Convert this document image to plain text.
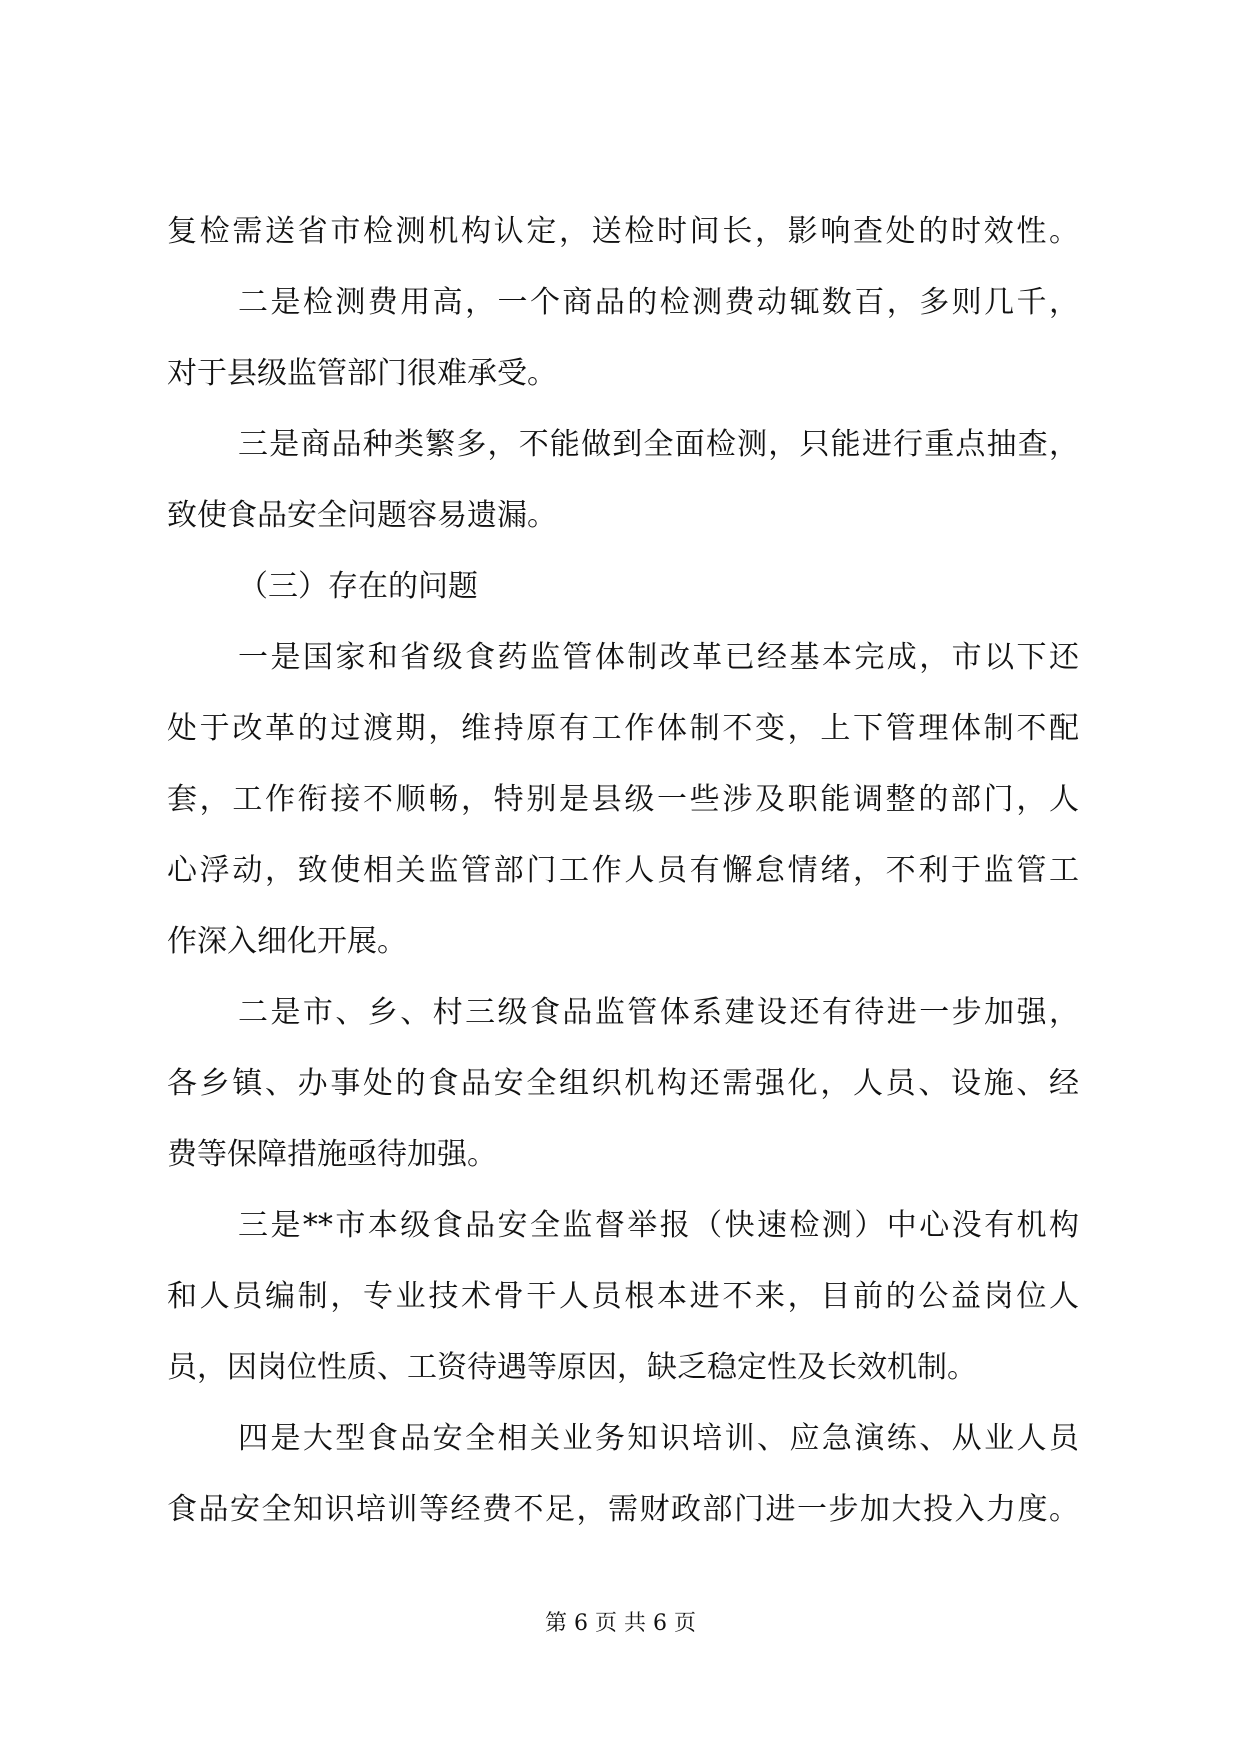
复检需送省市检测机构认定，送检时间长，影响查处的时效性。
二是检测费用高，一个商品的检测费动辄数百，多则几千，
对于县级监管部门很难承受。
三是商品种类繁多，不能做到全面检测，只能进行重点抽查，
致使食品安全问题容易遗漏。
（三）存在的问题
一是国家和省级食药监管体制改革已经基本完成，市以下还
处于改革的过渡期，维持原有工作体制不变，上下管理体制不配
套，工作衔接不顺畅，特别是县级一些涉及职能调整的部门，人
心浮动，致使相关监管部门工作人员有懈怠情绪，不利于监管工
作深入细化开展。
二是市、乡、村三级食品监管体系建设还有待进一步加强，
各乡镇、办事处的食品安全组织机构还需强化，人员、设施、经
费等保障措施亟待加强。
三是**市本级食品安全监督举报（快速检测）中心没有机构
和人员编制，专业技术骨干人员根本进不来，目前的公益岗位人
员，因岗位性质、工资待遇等原因，缺乏稳定性及长效机制。
四是大型食品安全相关业务知识培训、应急演练、从业人员
食品安全知识培训等经费不足，需财政部门进一步加大投入力度。
第 6 页 共 6 页
